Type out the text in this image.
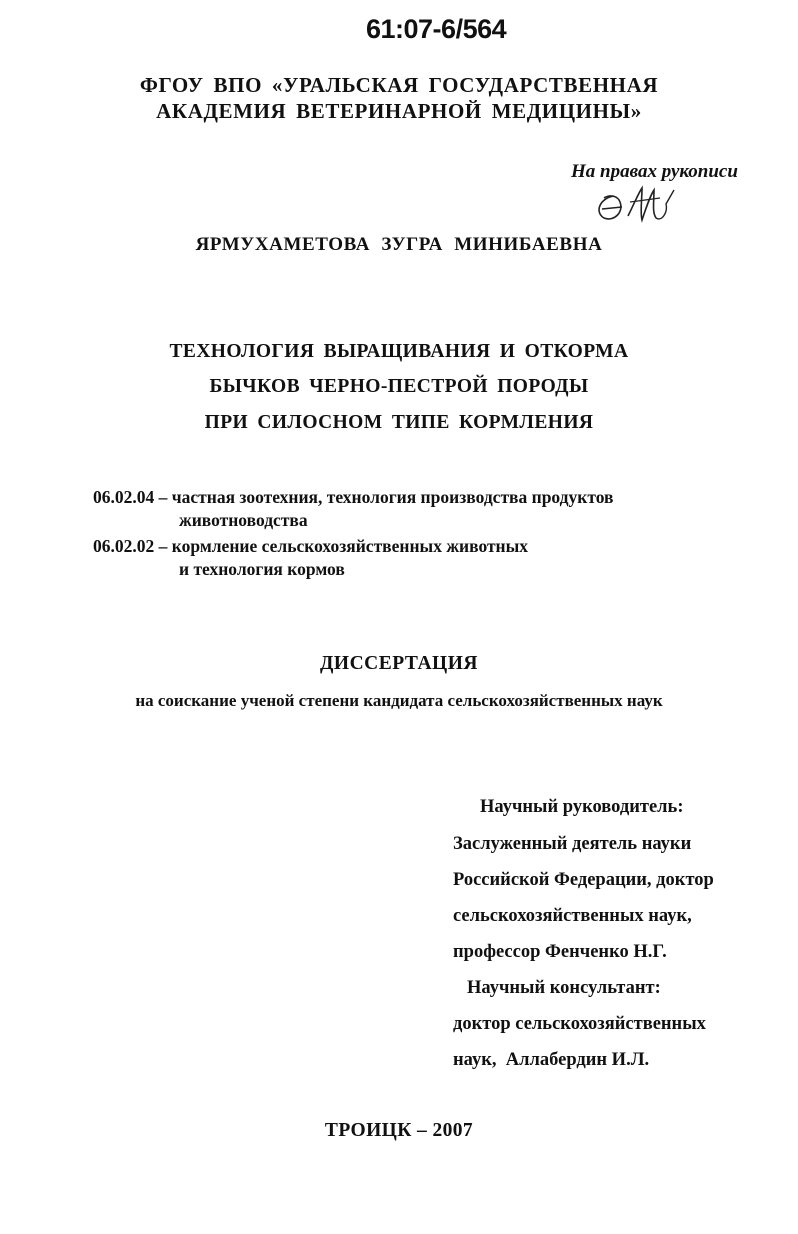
61:07-6/564
ФГОУ ВПО «УРАЛЬСКАЯ ГОСУДАРСТВЕННАЯ
АКАДЕМИЯ ВЕТЕРИНАРНОЙ МЕДИЦИНЫ»
На правах рукописи
ЯРМУХАМЕТОВА ЗУГРА МИНИБАЕВНА
ТЕХНОЛОГИЯ ВЫРАЩИВАНИЯ И ОТКОРМА
БЫЧКОВ ЧЕРНО-ПЕСТРОЙ ПОРОДЫ
ПРИ СИЛОСНОМ ТИПЕ КОРМЛЕНИЯ
06.02.04 – частная зоотехния, технология производства продуктов
животноводства
06.02.02 – кормление сельскохозяйственных животных
и технология кормов
ДИССЕРТАЦИЯ
на соискание ученой степени кандидата сельскохозяйственных наук
Научный руководитель:
Заслуженный деятель науки
Российской Федерации, доктор
сельскохозяйственных наук,
профессор Фенченко Н.Г.
Научный консультант:
доктор сельскохозяйственных
наук,  Аллабердин И.Л.
ТРОИЦК – 2007
